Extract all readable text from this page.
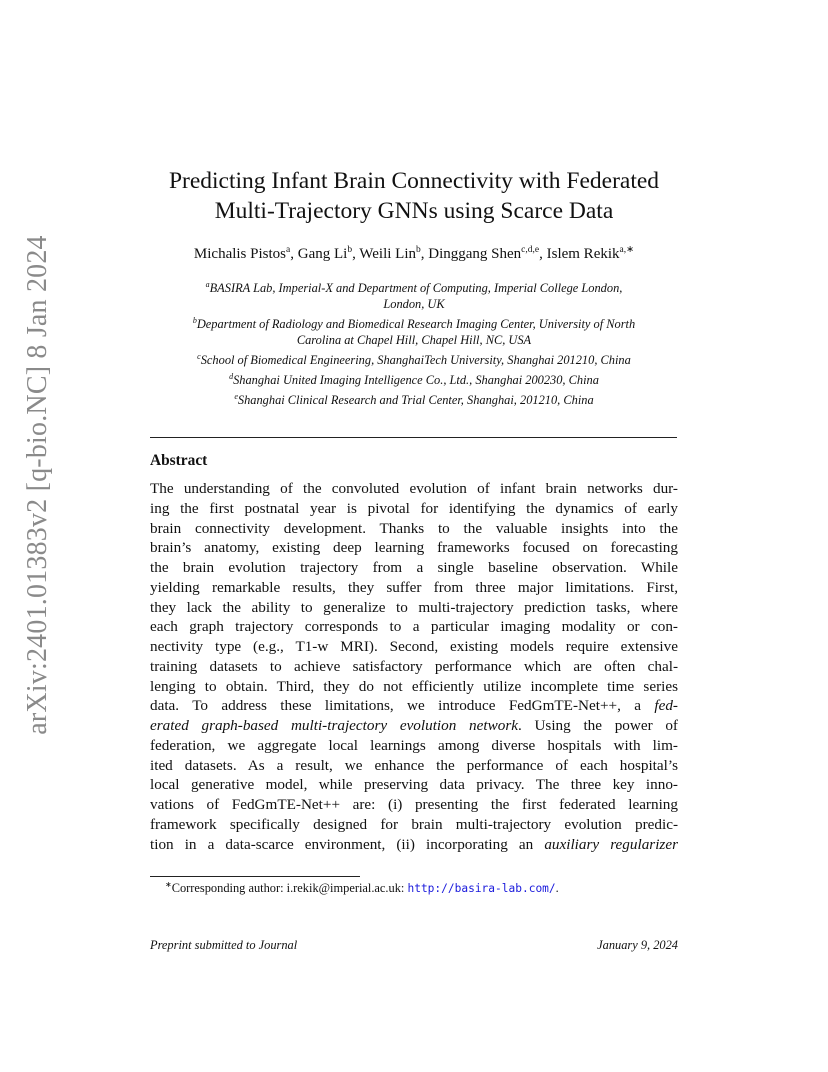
arXiv:2401.01383v2 [q-bio.NC] 8 Jan 2024
Predicting Infant Brain Connectivity with Federated
Multi-Trajectory GNNs using Scarce Data
Michalis Pistos$^a$, Gang Li$^b$, Weili Lin$^b$, Dinggang Shen$^{c,d,e}$, Islem Rekik$^{a,∗}$
$^a$BASIRA Lab, Imperial-X and Department of Computing, Imperial College London,
London, UK
$^b$Department of Radiology and Biomedical Research Imaging Center, University of North
Carolina at Chapel Hill, Chapel Hill, NC, USA
$^c$School of Biomedical Engineering, ShanghaiTech University, Shanghai 201210, China
$^d$Shanghai United Imaging Intelligence Co., Ltd., Shanghai 200230, China
$^e$Shanghai Clinical Research and Trial Center, Shanghai, 201210, China
Abstract
The understanding of the convoluted evolution of infant brain networks dur-
ing the first postnatal year is pivotal for identifying the dynamics of early
brain connectivity development. Thanks to the valuable insights into the
brain’s anatomy, existing deep learning frameworks focused on forecasting
the brain evolution trajectory from a single baseline observation. While
yielding remarkable results, they suffer from three major limitations. First,
they lack the ability to generalize to multi-trajectory prediction tasks, where
each graph trajectory corresponds to a particular imaging modality or con-
nectivity type (e.g., T1-w MRI). Second, existing models require extensive
training datasets to achieve satisfactory performance which are often chal-
lenging to obtain. Third, they do not efficiently utilize incomplete time series
data. To address these limitations, we introduce FedGmTE-Net++, a fed-
erated graph-based multi-trajectory evolution network. Using the power of
federation, we aggregate local learnings among diverse hospitals with lim-
ited datasets. As a result, we enhance the performance of each hospital’s
local generative model, while preserving data privacy. The three key inno-
vations of FedGmTE-Net++ are: (i) presenting the first federated learning
framework specifically designed for brain multi-trajectory evolution predic-
tion in a data-scarce environment, (ii) incorporating an auxiliary regularizer
∗Corresponding author: i.rekik@imperial.ac.uk: http://basira-lab.com/.
Preprint submitted to Journal	January 9, 2024
